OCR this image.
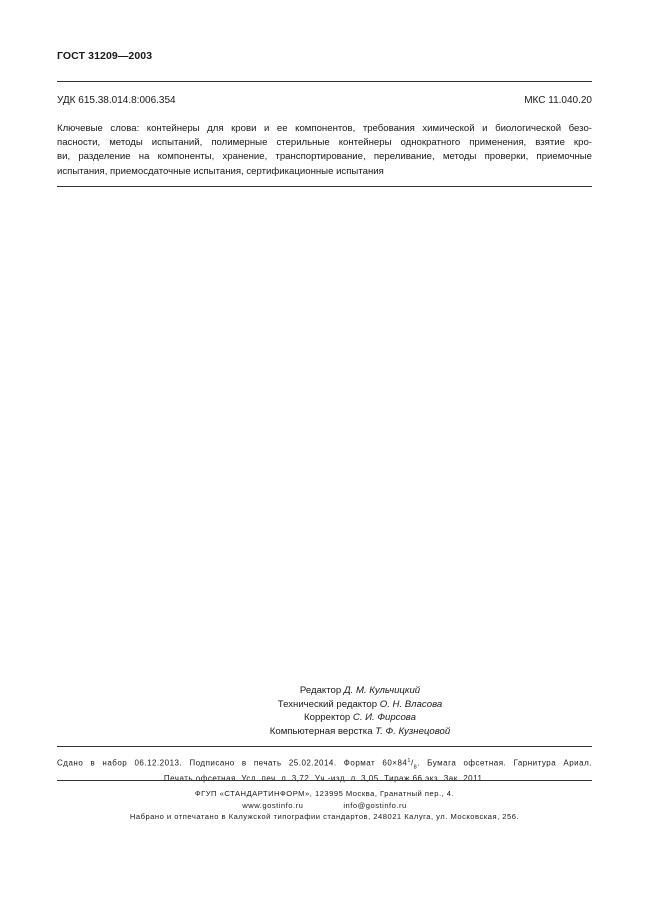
ГОСТ 31209—2003
УДК 615.38.014.8:006.354	МКС 11.040.20
Ключевые слова: контейнеры для крови и ее компонентов, требования химической и биологической безо-
пасности, методы испытаний, полимерные стерильные контейнеры однократного применения, взятие кро-
ви, разделение на компоненты, хранение, транспортирование, переливание, методы проверки, приемочные
испытания, приемосдаточные испытания, сертификационные испытания
Редактор Д. М. Кульчицкий
Технический редактор О. Н. Власова
Корректор С. И. Фирсова
Компьютерная верстка Т. Ф. Кузнецовой
Сдано в набор 06.12.2013. Подписано в печать 25.02.2014. Формат $60\times 84^1/_8$. Бумага офсетная. Гарнитура Ариал.
Печать офсетная. Усл. печ. л. 3,72. Уч.-изд. л. 3,05. Тираж 66 экз. Зак. 2011.
ФГУП «СТАНДАРТИНФОРМ», 123995 Москва, Гранатный пер., 4.
www.gostinfo.ru	info@gostinfo.ru
Набрано и отпечатано в Калужской типографии стандартов, 248021 Калуга, ул. Московская, 256.
